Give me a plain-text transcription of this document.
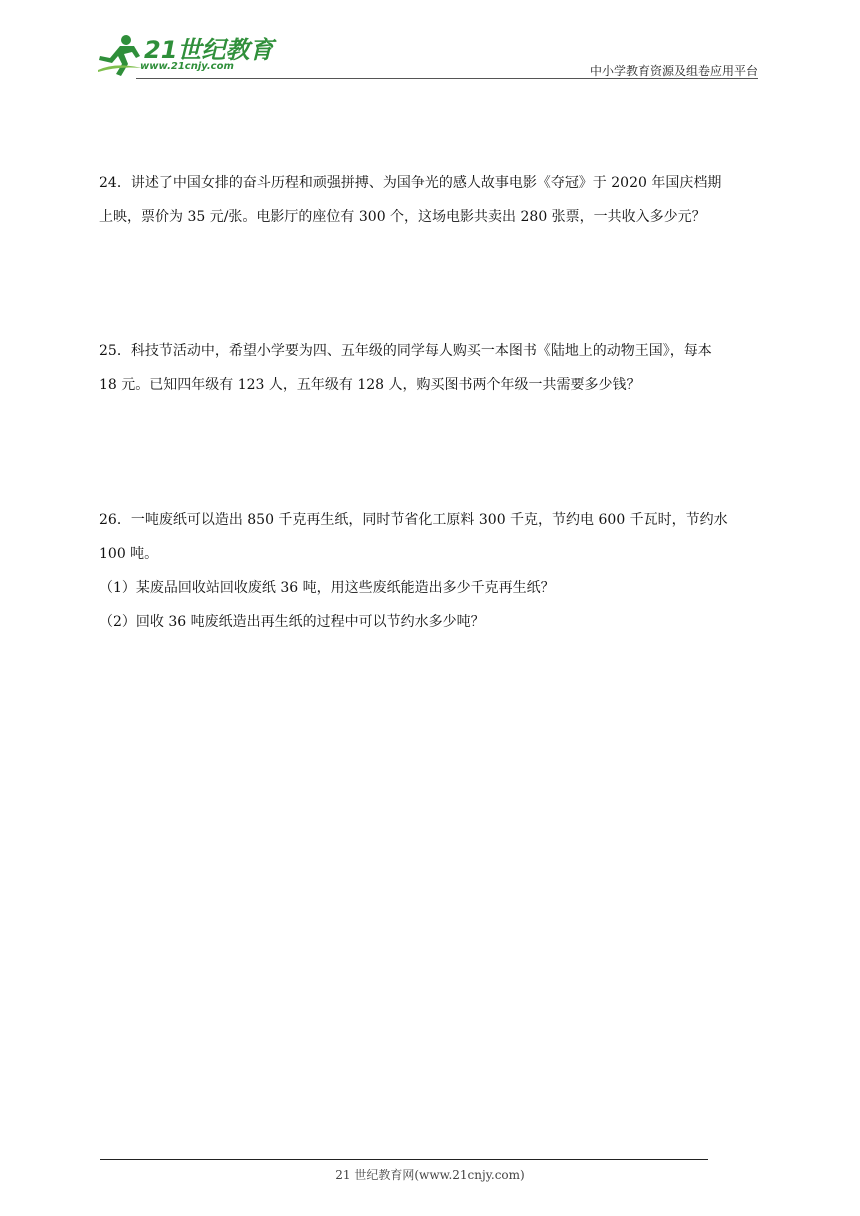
21世纪教育
www.21cnjy.com	中小学教育资源及组卷应用平台

24．讲述了中国女排的奋斗历程和顽强拼搏、为国争光的感人故事电影《夺冠》于 2020 年国庆档期

上映，票价为 35 元/张。电影厅的座位有 300 个，这场电影共卖出 280 张票，一共收入多少元？

25．科技节活动中，希望小学要为四、五年级的同学每人购买一本图书《陆地上的动物王国》，每本

18 元。已知四年级有 123 人，五年级有 128 人，购买图书两个年级一共需要多少钱？

26．一吨废纸可以造出 850 千克再生纸，同时节省化工原料 300 千克，节约电 600 千瓦时，节约水

100 吨。

（1）某废品回收站回收废纸 36 吨，用这些废纸能造出多少千克再生纸？

（2）回收 36 吨废纸造出再生纸的过程中可以节约水多少吨？

21 世纪教育网(www.21cnjy.com)
